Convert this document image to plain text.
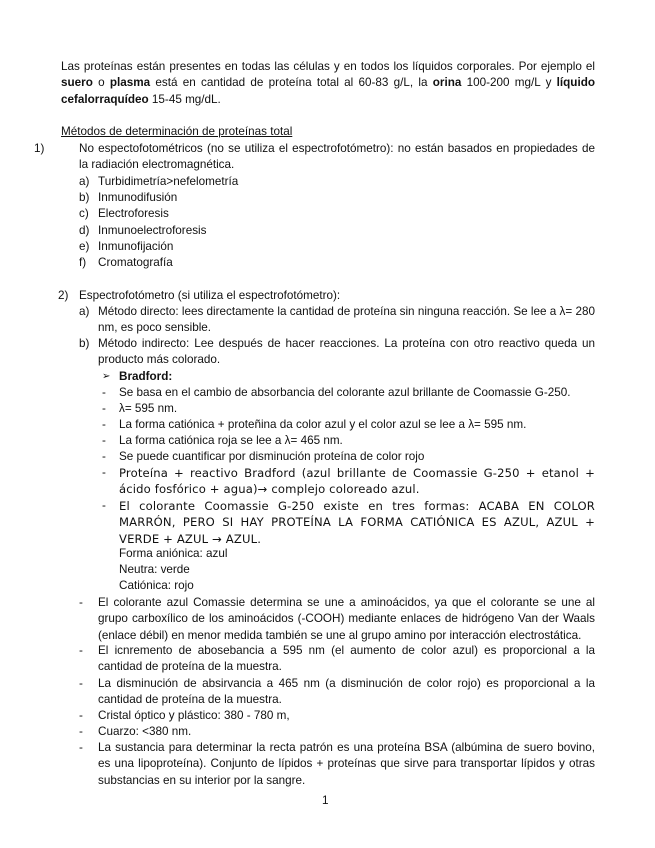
Las proteínas están presentes en todas las células y en todos los líquidos corporales. Por ejemplo el suero o plasma está en cantidad de proteína total al 60-83 g/L, la orina 100-200 mg/L y líquido cefalorraquídeo 15-45 mg/dL.
Métodos de determinación de proteínas total
1)	No espectofotométricos (no se utiliza el espectrofotómetro): no están basados en propiedades de la radiación electromagnética.
a) Turbidimetría>nefelometría
b) Inmunodifusión
c) Electroforesis
d) Inmunoelectroforesis
e) Inmunofijación
f) Cromatografía
2) Espectrofotómetro (si utiliza el espectrofotómetro):
a) Método directo: lees directamente la cantidad de proteína sin ninguna reacción. Se lee a λ= 280 nm, es poco sensible.
b) Método indirecto: Lee después de hacer reacciones. La proteína con otro reactivo queda un producto más colorado.
➢ Bradford:
- Se basa en el cambio de absorbancia del colorante azul brillante de Coomassie G-250.
- λ= 595 nm.
- La forma catiónica + proteñina da color azul y el color azul se lee a λ= 595 nm.
- La forma catiónica roja se lee a λ= 465 nm.
- Se puede cuantificar por disminución proteína de color rojo
- Proteína + reactivo Bradford (azul brillante de Coomassie G-250 + etanol + ácido fosfórico + agua)→ complejo coloreado azul.
- El colorante Coomassie G-250 existe en tres formas: ACABA EN COLOR MARRÓN, PERO SI HAY PROTEÍNA LA FORMA CATIÓNICA ES AZUL, AZUL + VERDE + AZUL → AZUL.
Forma aniónica: azul
Neutra: verde
Catiónica: rojo
- El colorante azul Comassie determina se une a aminoácidos, ya que el colorante se une al grupo carboxílico de los aminoácidos (-COOH) mediante enlaces de hidrógeno Van der Waals (enlace débil) en menor medida también se une al grupo amino por interacción electrostática.
- El icnremento de abosebancia a 595 nm (el aumento de color azul) es proporcional a la cantidad de proteína de la muestra.
- La disminución de absirvancia a 465 nm (a disminución de color rojo) es proporcional a la cantidad de proteína de la muestra.
- Cristal óptico y plástico: 380 - 780 m,
- Cuarzo: <380 nm.
- La sustancia para determinar la recta patrón es una proteína BSA (albúmina de suero bovino, es una lipoproteína). Conjunto de lípidos + proteínas que sirve para transportar lípidos y otras substancias en su interior por la sangre.
1
